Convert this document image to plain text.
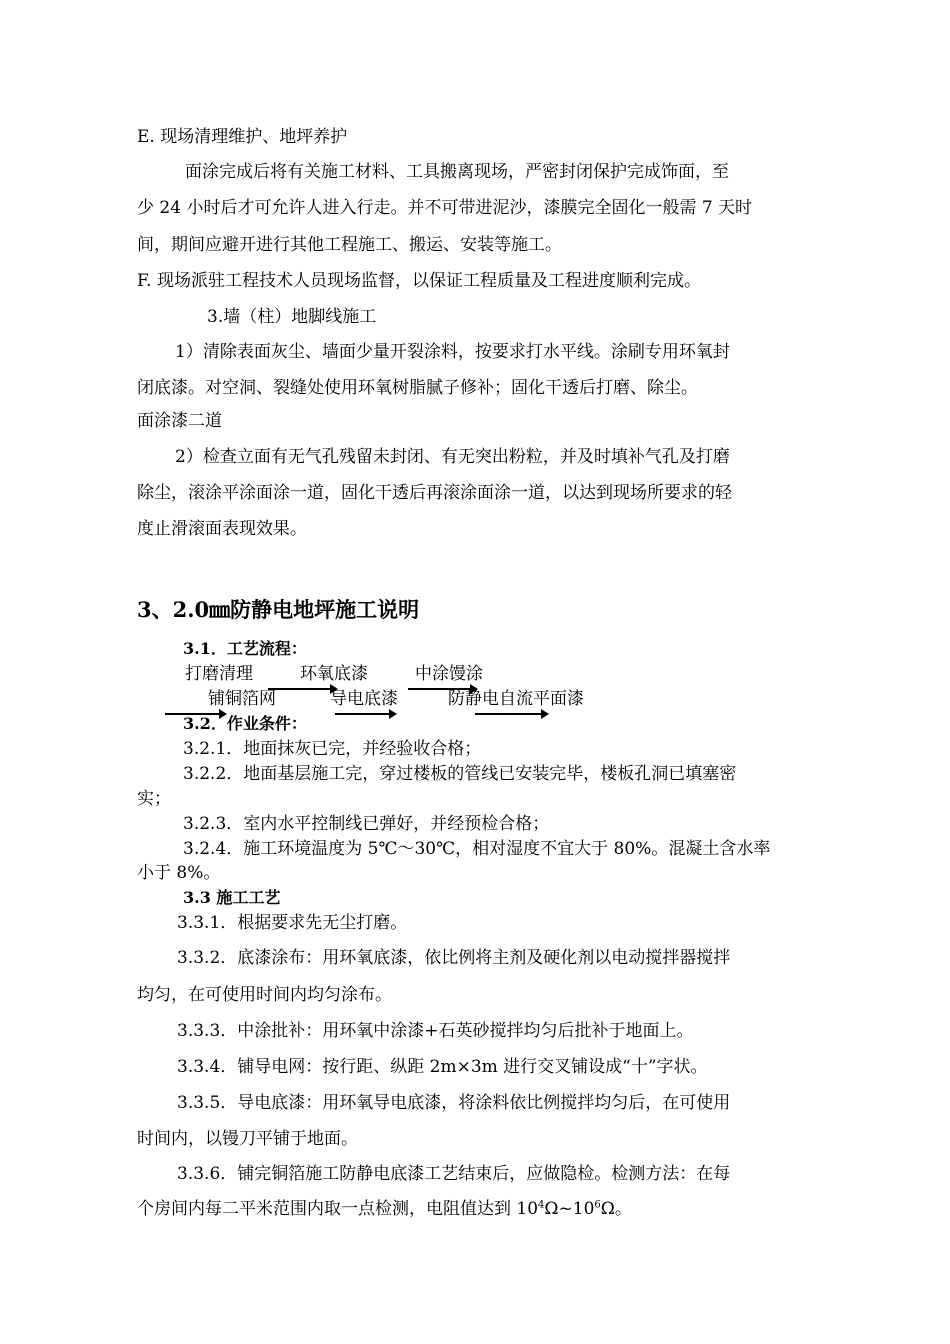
E. 现场清理维护、地坪养护
面涂完成后将有关施工材料、工具搬离现场，严密封闭保护完成饰面，至
少 24 小时后才可允许人进入行走。并不可带进泥沙，漆膜完全固化一般需 7 天时
间，期间应避开进行其他工程施工、搬运、安装等施工。
F. 现场派驻工程技术人员现场监督，以保证工程质量及工程进度顺利完成。
3.墙（柱）地脚线施工
1）清除表面灰尘、墙面少量开裂涂料，按要求打水平线。涂刷专用环氧封
闭底漆。对空洞、裂缝处使用环氧树脂腻子修补；固化干透后打磨、除尘。
面涂漆二道
2）检查立面有无气孔残留未封闭、有无突出粉粒，并及时填补气孔及打磨
除尘，滚涂平涂面涂一道，固化干透后再滚涂面涂一道，以达到现场所要求的轻
度止滑滚面表现效果。
3、2.0㎜防静电地坪施工说明
3.1．工艺流程：
打磨清理	环氧底漆	中涂馒涂
铺铜箔网	导电底漆	防静电自流平面漆
3.2．作业条件：
3.2.1．地面抹灰已完，并经验收合格；
3.2.2．地面基层施工完，穿过楼板的管线已安装完毕，楼板孔洞已填塞密
实；
3.2.3．室内水平控制线已弹好，并经预检合格；
3.2.4．施工环境温度为 5℃～30℃，相对湿度不宜大于 80%。混凝土含水率
小于 8%。
3.3 施工工艺
3.3.1．根据要求先无尘打磨。
3.3.2．底漆涂布：用环氧底漆，依比例将主剂及硬化剂以电动搅拌器搅拌
均匀，在可使用时间内均匀涂布。
3.3.3．中涂批补：用环氧中涂漆+石英砂搅拌均匀后批补于地面上。
3.3.4．铺导电网：按行距、纵距 2m×3m 进行交叉铺设成“十”字状。
3.3.5．导电底漆：用环氧导电底漆，将涂料依比例搅拌均匀后，在可使用
时间内，以镘刀平铺于地面。
3.3.6．铺完铜箔施工防静电底漆工艺结束后，应做隐检。检测方法：在每
个房间内每二平米范围内取一点检测，电阻值达到 $10^4\Omega\sim 10^6\Omega$。
